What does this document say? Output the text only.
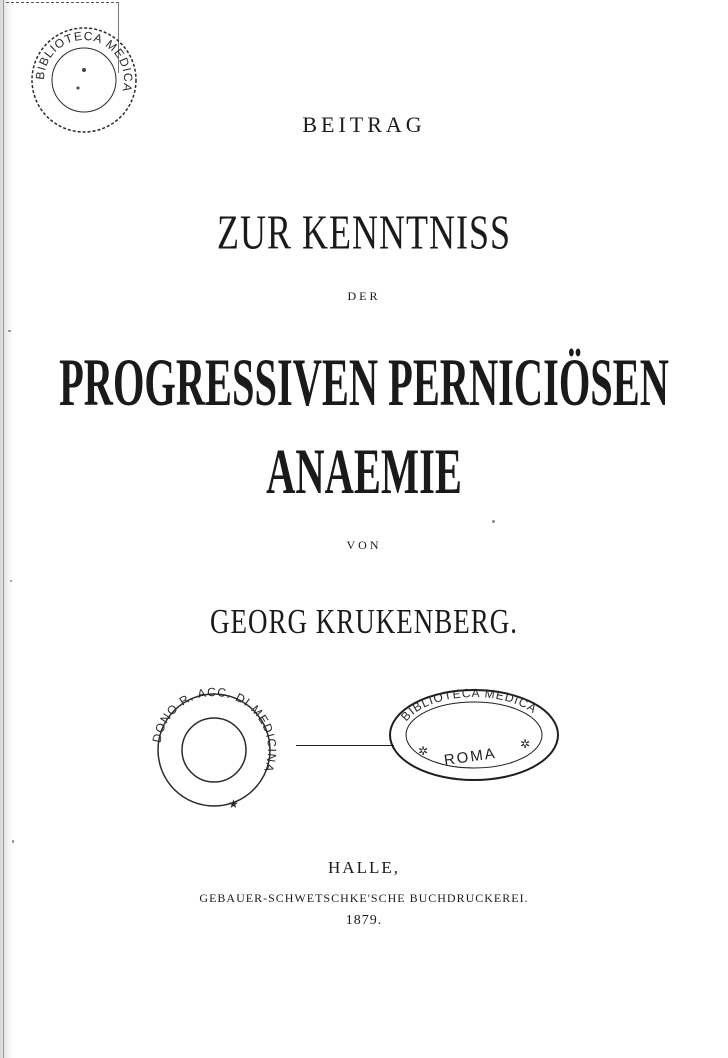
BIBLIOTECA MEDICA
BEITRAG
ZUR KENNTNISS
DER
PROGRESSIVEN PERNICIÖSEN
ANAEMIE
VON
GEORG KRUKENBERG.
DONO R. ACC. DI MEDICINA
★
BIBLIOTECA MEDICA
ROMA
✲	✲
HALLE,
GEBAUER-SCHWETSCHKE'SCHE BUCHDRUCKEREI.
1879.
